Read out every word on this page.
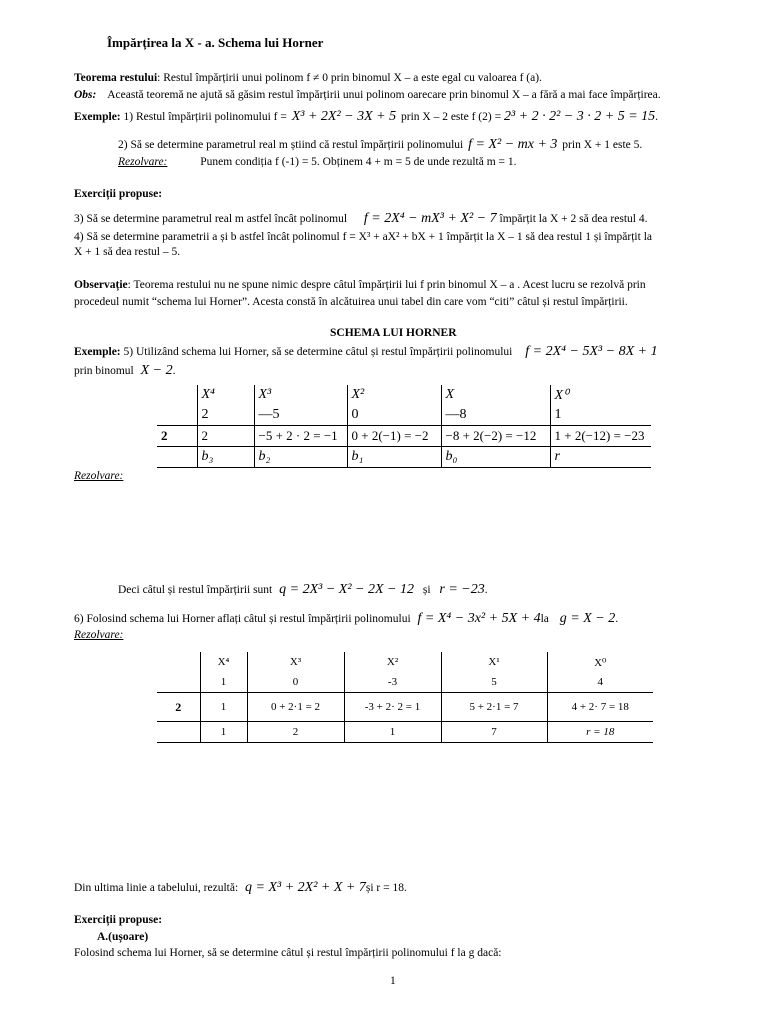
Împărțirea la X - a. Schema lui Horner
Teorema restului: Restul împărțirii unui polinom f ≠ 0 prin binomul X – a este egal cu valoarea f (a).
Obs: Această teoremă ne ajută să găsim restul împărțirii unui polinom oarecare prin binomul X – a fără a mai face împărțirea.
Exemple: 1) Restul împărțirii polinomului f = X³ + 2X² − 3X + 5 prin X – 2 este f (2) = 2³ + 2 · 2² − 3 · 2 + 5 = 15.
2) Să se determine parametrul real m știind că restul împărțirii polinomului f = X² − mx + 3 prin X + 1 este 5.
Rezolvare:	Punem condiția f (-1) = 5. Obținem 4 + m = 5 de unde rezultă m = 1.
Exerciții propuse:
3) Să se determine parametrul real m astfel încât polinomul f = 2X⁴ − mX³ + X² − 7 împărțit la X + 2 să dea restul 4.
4) Să se determine parametrii a și b astfel încât polinomul f = X³ + aX² + bX + 1 împărțit la X – 1 să dea restul 1 și împărțit la
X + 1 să dea restul – 5.
Observație: Teorema restului nu ne spune nimic despre câtul împărțirii lui f prin binomul X – a . Acest lucru se rezolvă prin
procedeul numit “schema lui Horner”. Acesta constă în alcătuirea unui tabel din care vom “citi” câtul și restul împărțirii.
SCHEMA LUI HORNER
Exemple: 5) Utilizând schema lui Horner, să se determine câtul și restul împărțirii polinomului f = 2X⁴ − 5X³ − 8X + 1
prin binomul X − 2.
	X⁴	X³	X²	X	X⁰
	2	—5	0	—8	1
2	2	−5 + 2 · 2 = −1	0 + 2(−1) = −2	−8 + 2(−2) = −12	1 + 2(−12) = −23
	b₃	b₂	b₁	b₀	r
Rezolvare:
Deci câtul și restul împărțirii sunt q = 2X³ − X² − 2X − 12 și r = −23.
6) Folosind schema lui Horner aflați câtul și restul împărțirii polinomului f = X⁴ − 3x² + 5X + 4la g = X − 2.
Rezolvare:
	X⁴	X³	X²	X¹	X⁰
	1	0	-3	5	4
2	1	0 + 2·1 = 2	-3 + 2· 2 = 1	5 + 2·1 = 7	4 + 2· 7 = 18
	1	2	1	7	r = 18
Din ultima linie a tabelului, rezultă: q = X³ + 2X² + X + 7și r = 18.
Exerciții propuse:
A.(ușoare)
Folosind schema lui Horner, să se determine câtul și restul împărțirii polinomului f la g dacă:
1
